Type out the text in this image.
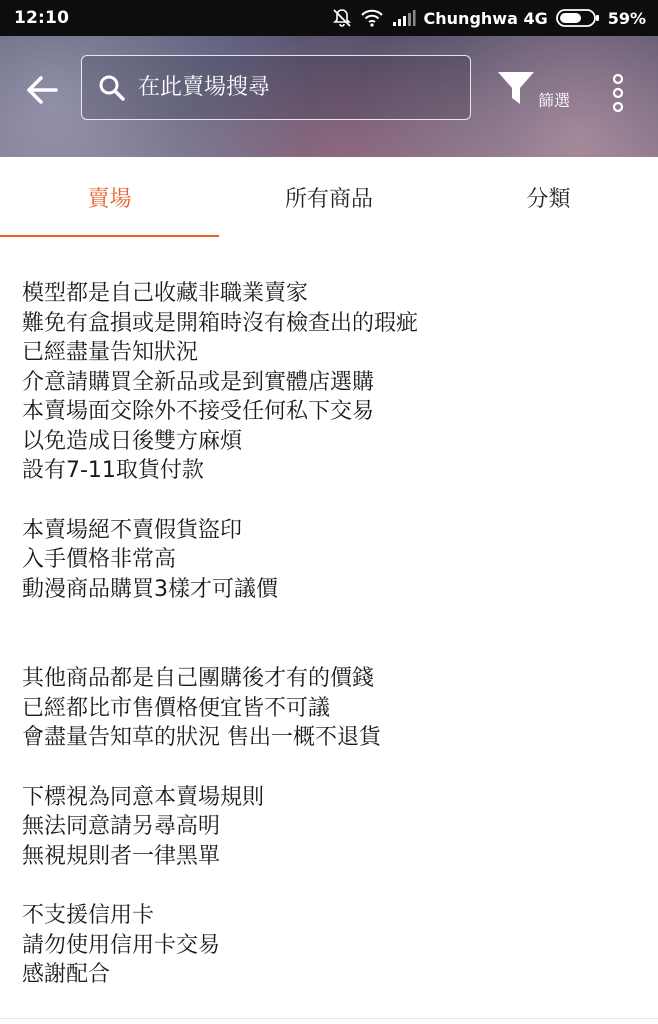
12:10	Chunghwa 4G	59%
在此賣場搜尋
篩選
賣場	所有商品	分類
模型都是自己收藏非職業賣家
難免有盒損或是開箱時沒有檢查出的瑕疵
已經盡量告知狀況
介意請購買全新品或是到實體店選購
本賣場面交除外不接受任何私下交易
以免造成日後雙方麻煩
設有7-11取貨付款
本賣場絕不賣假貨盜印
入手價格非常高
動漫商品購買3樣才可議價
其他商品都是自己團購後才有的價錢
已經都比市售價格便宜皆不可議
會盡量告知草的狀況 售出一概不退貨
下標視為同意本賣場規則
無法同意請另尋高明
無視規則者一律黑單
不支援信用卡
請勿使用信用卡交易
感謝配合
